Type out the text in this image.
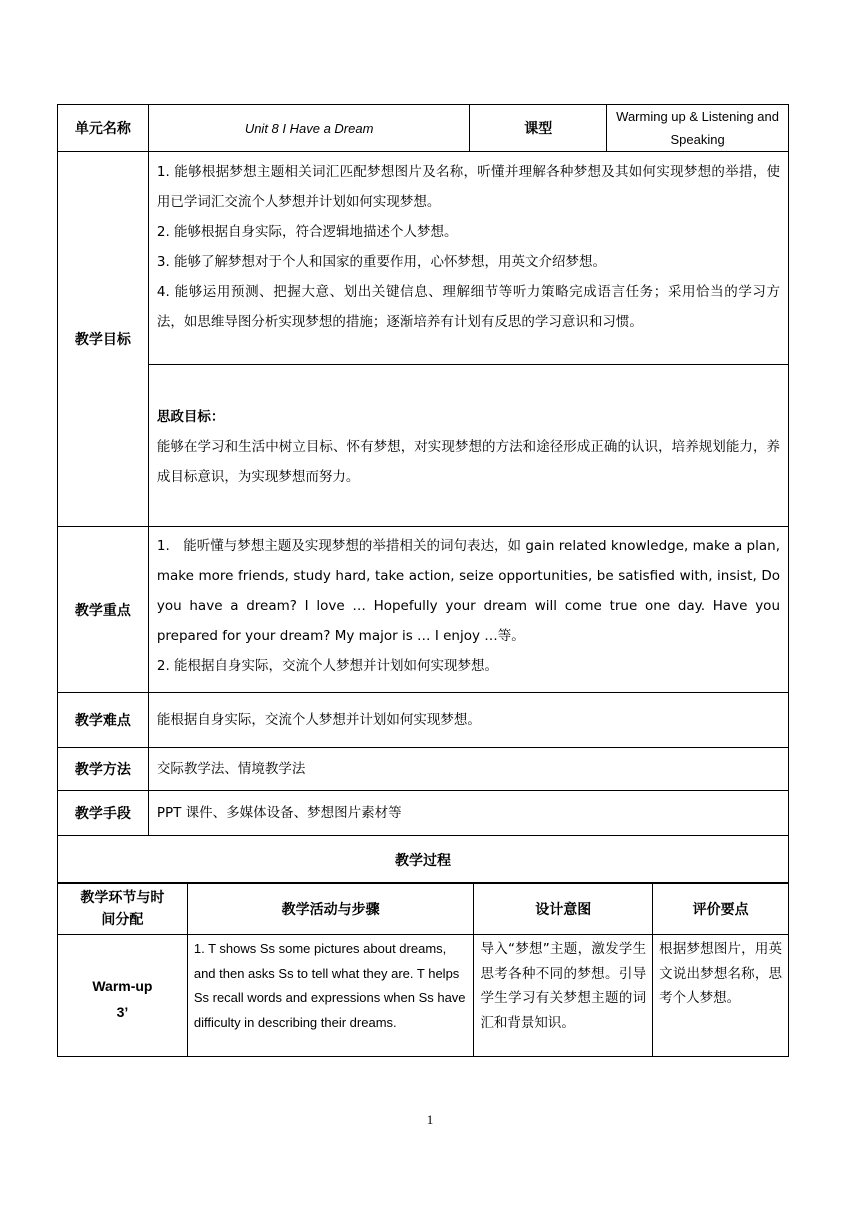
单元名称	Unit 8 I Have a Dream	课型	Warming up & Listening and Speaking
教学目标	1. 能够根据梦想主题相关词汇匹配梦想图片及名称，听懂并理解各种梦想及其如何实现梦想的举措，使用已学词汇交流个人梦想并计划如何实现梦想。

2. 能够根据自身实际，符合逻辑地描述个人梦想。

3. 能够了解梦想对于个人和国家的重要作用，心怀梦想，用英文介绍梦想。

4. 能够运用预测、把握大意、划出关键信息、理解细节等听力策略完成语言任务；采用恰当的学习方法，如思维导图分析实现梦想的措施；逐渐培养有计划有反思的学习意识和习惯。		

	思政目标：

能够在学习和生活中树立目标、怀有梦想，对实现梦想的方法和途径形成正确的认识，培养规划能力，养成目标意识，为实现梦想而努力。		

教学重点	1.　能听懂与梦想主题及实现梦想的举措相关的词句表达，如 gain related knowledge, make a plan, make more friends, study hard, take action, seize opportunities, be satisfied with, insist, Do you have a dream? I love … Hopefully your dream will come true one day. Have you prepared for your dream? My major is … I enjoy …等。

2. 能根据自身实际，交流个人梦想并计划如何实现梦想。		

教学难点	能根据自身实际，交流个人梦想并计划如何实现梦想。		
教学方法	交际教学法、情境教学法		
教学手段	PPT 课件、多媒体设备、梦想图片素材等		
教学过程			
教学环节与时间分配	教学活动与步骤	设计意图	评价要点

Warm-up
3’	1. T shows Ss some pictures about dreams, and then asks Ss to tell what they are. T helps Ss recall words and expressions when Ss have difficulty in describing their dreams.	导入“梦想”主题，激发学生思考各种不同的梦想。引导学生学习有关梦想主题的词汇和背景知识。	根据梦想图片，用英文说出梦想名称，思考个人梦想。
1
